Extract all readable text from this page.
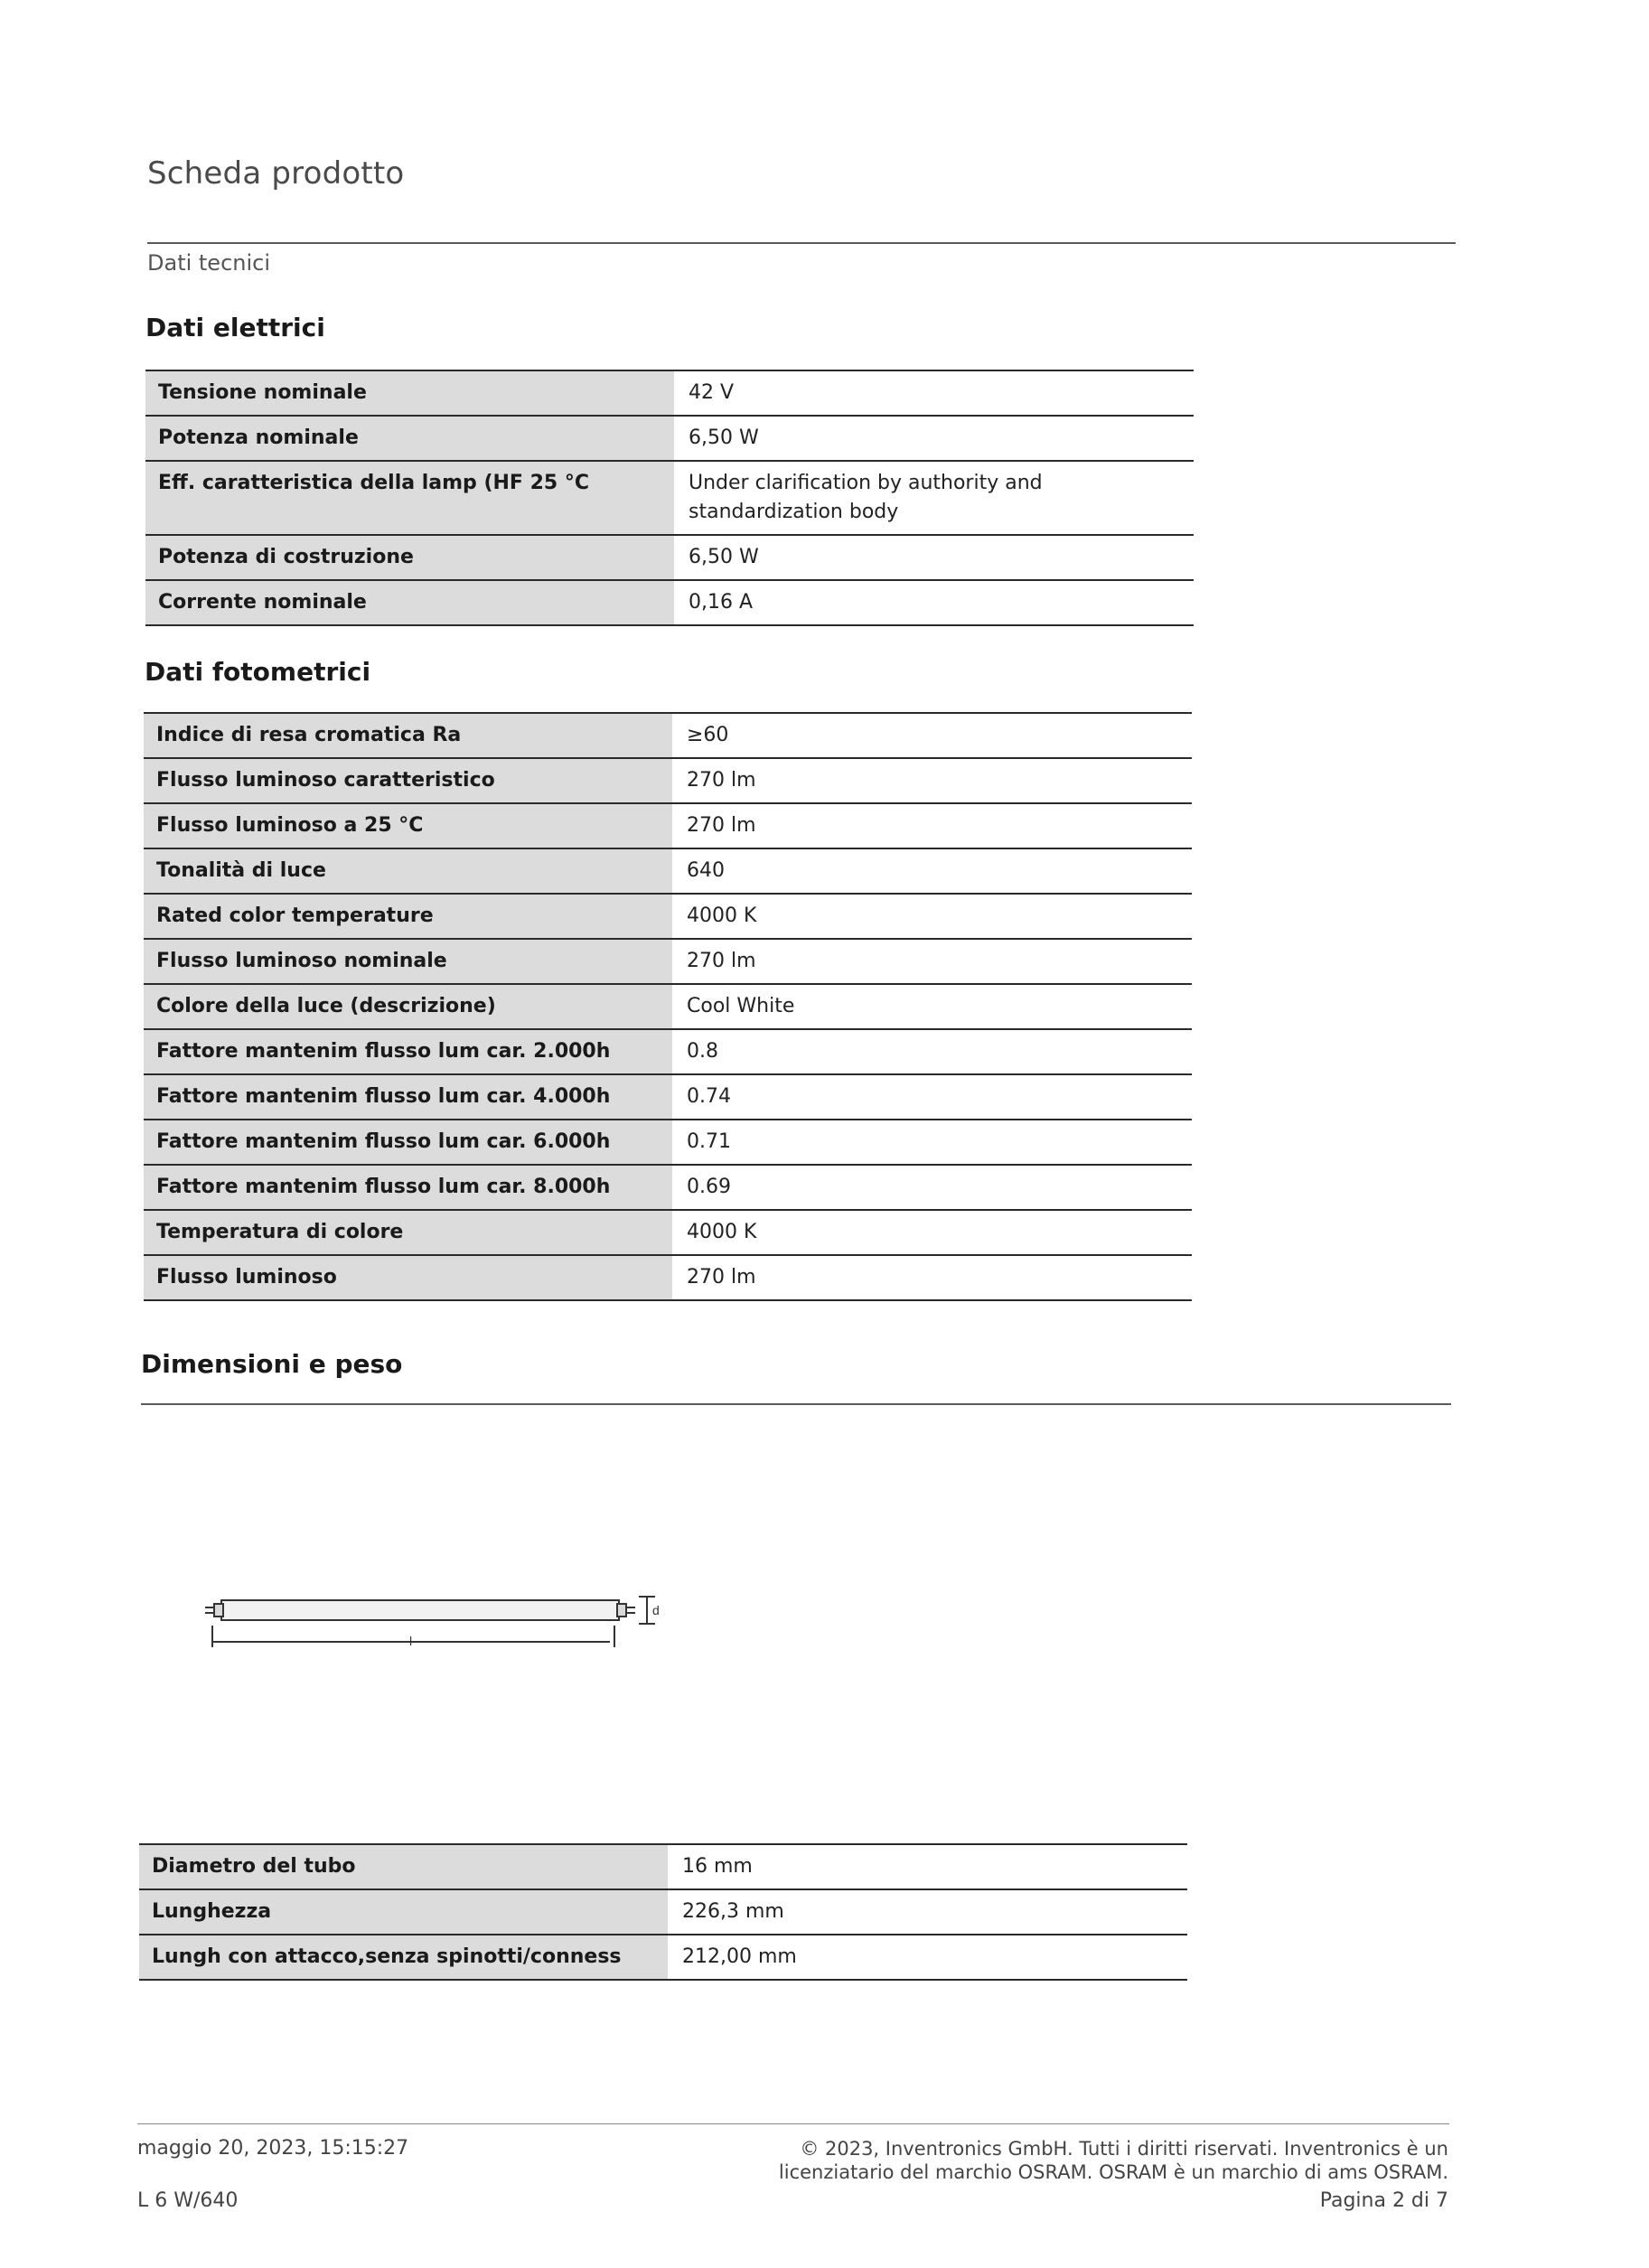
Scheda prodotto
Dati tecnici
Dati elettrici
Tensione nominale	42 V
Potenza nominale	6,50 W
Eff. caratteristica della lamp (HF 25 °C	Under clarification by authority and standardization body
Potenza di costruzione	6,50 W
Corrente nominale	0,16 A
Dati fotometrici
Indice di resa cromatica Ra	≥60
Flusso luminoso caratteristico	270 lm
Flusso luminoso a 25 °C	270 lm
Tonalità di luce	640
Rated color temperature	4000 K
Flusso luminoso nominale	270 lm
Colore della luce (descrizione)	Cool White
Fattore mantenim flusso lum car. 2.000h	0.8
Fattore mantenim flusso lum car. 4.000h	0.74
Fattore mantenim flusso lum car. 6.000h	0.71
Fattore mantenim flusso lum car. 8.000h	0.69
Temperatura di colore	4000 K
Flusso luminoso	270 lm
Dimensioni e peso
l
d
Diametro del tubo	16 mm
Lunghezza	226,3 mm
Lungh con attacco,senza spinotti/conness	212,00 mm
maggio 20, 2023, 15:15:27	© 2023, Inventronics GmbH. Tutti i diritti riservati. Inventronics è un
licenziatario del marchio OSRAM. OSRAM è un marchio di ams OSRAM.
L 6 W/640	Pagina 2 di 7
